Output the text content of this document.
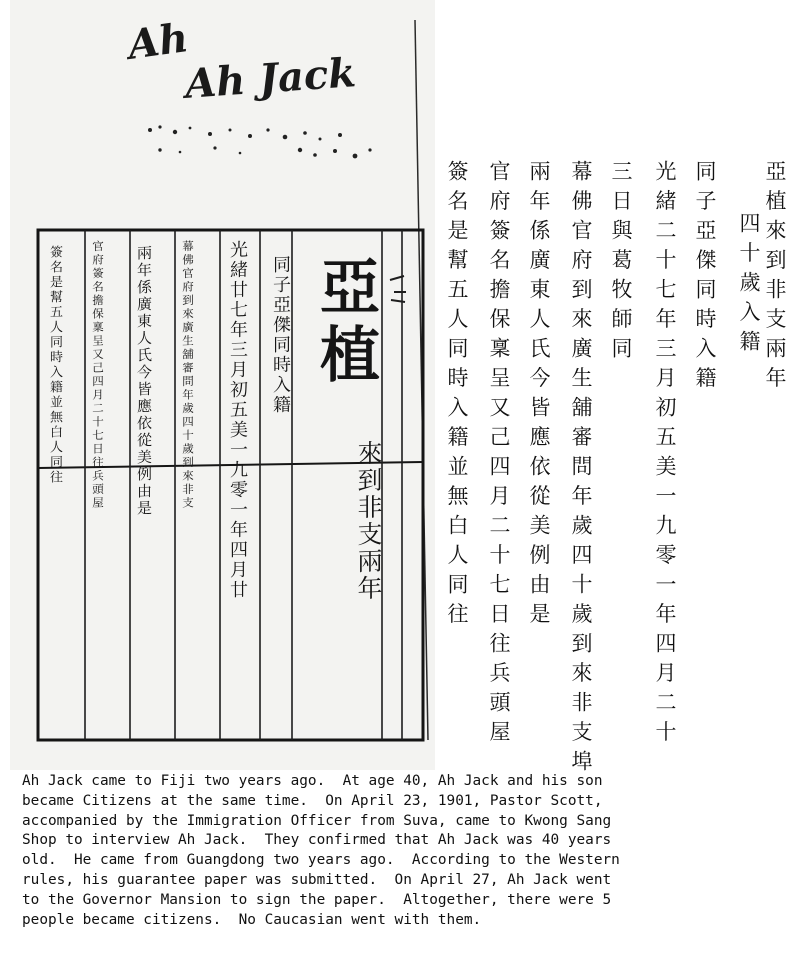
Ah
Ah Jack
亞植
來到非支兩年
同子亞傑同時入籍
光緒廿七年三月初五美一九零一年四月廿
幕佛官府到來廣生舖審問年歲四十歲到來非支
兩年係廣東人氏今皆應依從美例由是
官府簽名擔保稟呈又己四月二十七日往兵頭屋
簽名是幫五人同時入籍並無白人同往	亞植來到非支兩年
四十歲入籍
同子亞傑同時入籍
光緒二十七年三月初五美一九零一年四月二十
三日與葛牧師同
幕佛官府到來廣生舖審問年歲四十歲到來非支埠
兩年係廣東人氏今皆應依從美例由是
官府簽名擔保稟呈又己四月二十七日往兵頭屋
簽名是幫五人同時入籍並無白人同往
Ah Jack came to Fiji two years ago.  At age 40, Ah Jack and his son
became Citizens at the same time.  On April 23, 1901, Pastor Scott,
accompanied by the Immigration Officer from Suva, came to Kwong Sang
Shop to interview Ah Jack.  They confirmed that Ah Jack was 40 years
old.  He came from Guangdong two years ago.  According to the Western
rules, his guarantee paper was submitted.  On April 27, Ah Jack went
to the Governor Mansion to sign the paper.  Altogether, there were 5
people became citizens.  No Caucasian went with them.
